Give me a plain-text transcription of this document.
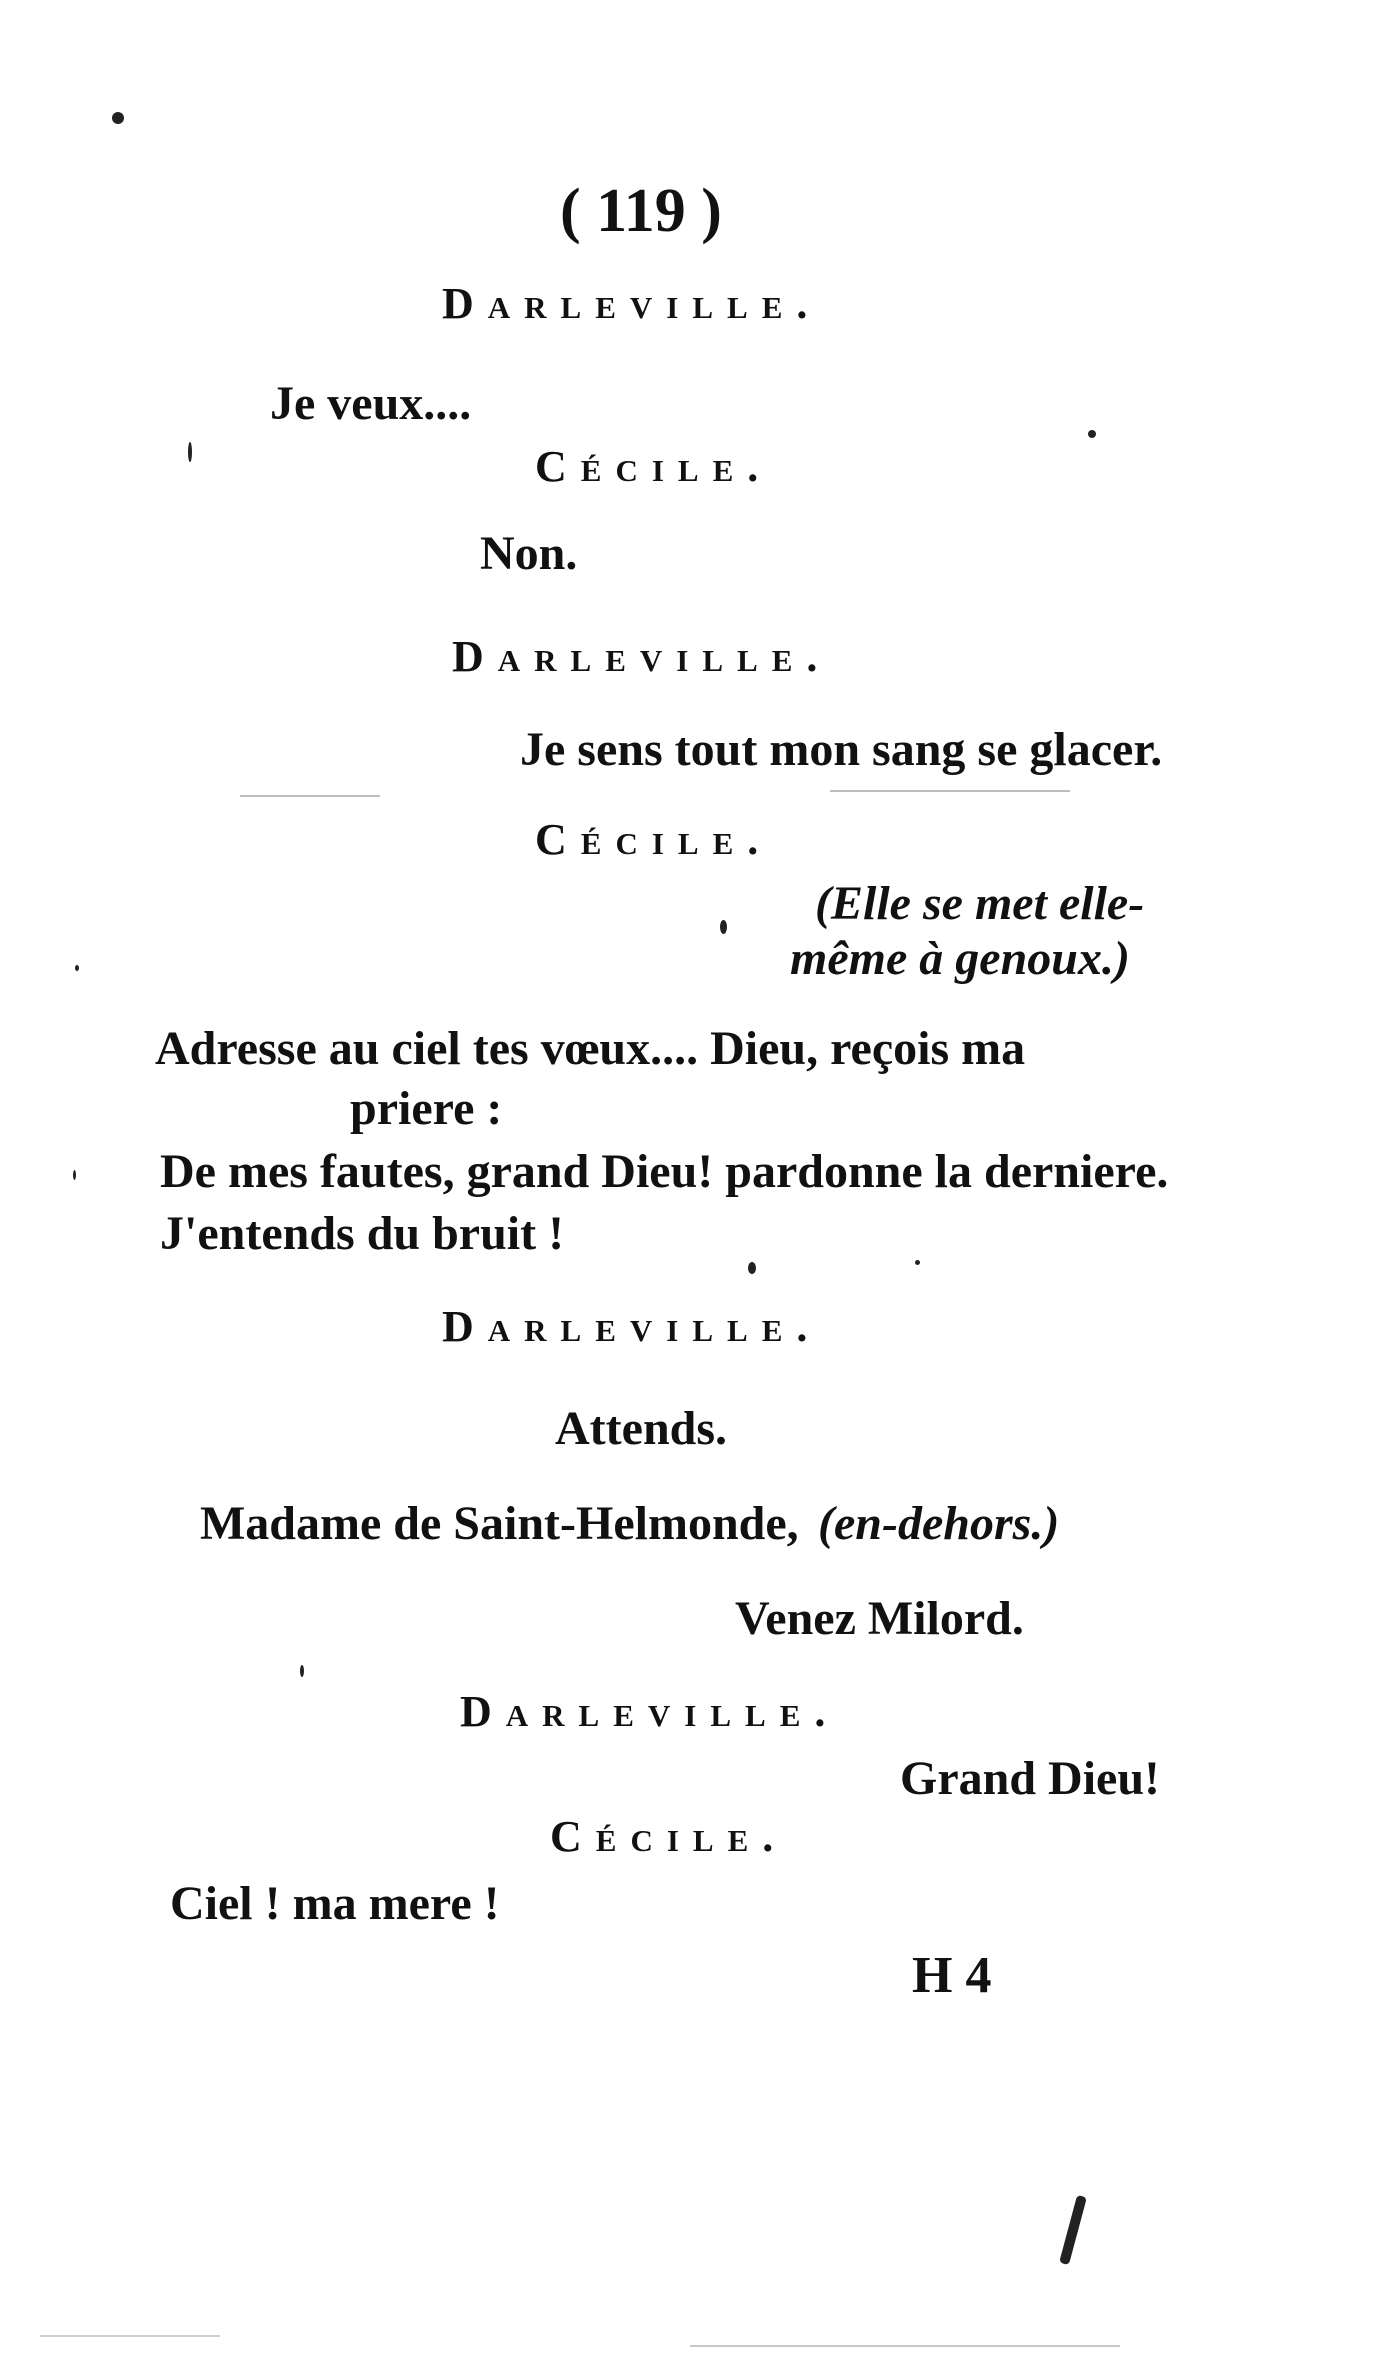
( 119 )
Darleville.
Je veux....
Cécile.
Non.
Darleville.
Je sens tout mon sang se glacer.
Cécile.
(Elle se met elle-
même à genoux.)
Adresse au ciel tes vœux.... Dieu, reçois ma
priere :
De mes fautes, grand Dieu! pardonne la derniere.
J'entends du bruit !
Darleville.
Attends.
Madame de Saint-Helmonde, (en-dehors.)
Venez Milord.
Darleville.
Grand Dieu!
Cécile.
Ciel ! ma mere !
H 4
